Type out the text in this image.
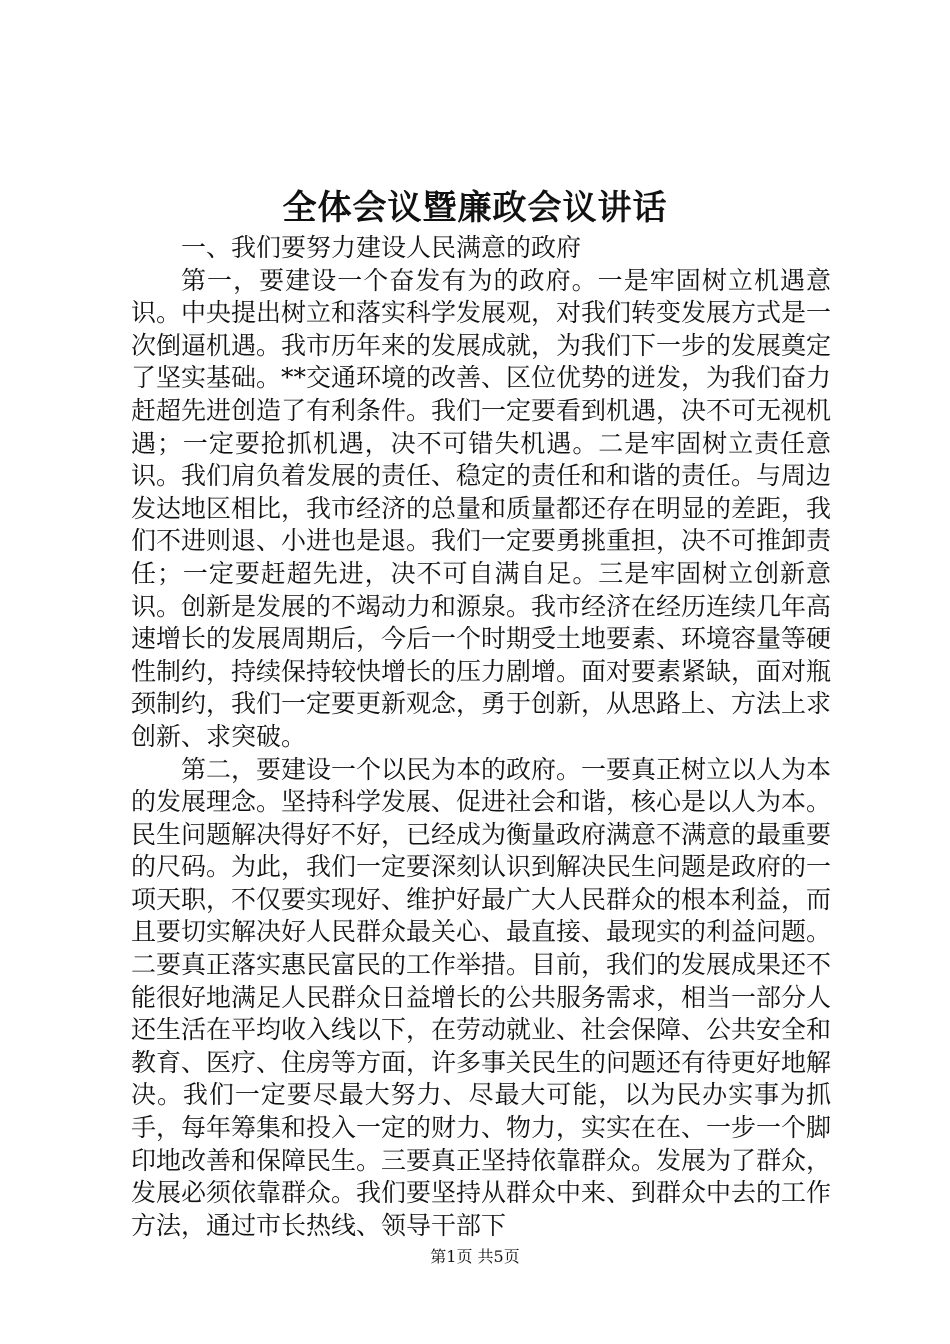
全体会议暨廉政会议讲话

一、我们要努力建设人民满意的政府

第一，要建设一个奋发有为的政府。一是牢固树立机遇意识。中央提出树立和落实科学发展观，对我们转变发展方式是一次倒逼机遇。我市历年来的发展成就，为我们下一步的发展奠定了坚实基础。**交通环境的改善、区位优势的迸发，为我们奋力赶超先进创造了有利条件。我们一定要看到机遇，决不可无视机遇；一定要抢抓机遇，决不可错失机遇。二是牢固树立责任意识。我们肩负着发展的责任、稳定的责任和和谐的责任。与周边发达地区相比，我市经济的总量和质量都还存在明显的差距，我们不进则退、小进也是退。我们一定要勇挑重担，决不可推卸责任；一定要赶超先进，决不可自满自足。三是牢固树立创新意识。创新是发展的不竭动力和源泉。我市经济在经历连续几年高速增长的发展周期后，今后一个时期受土地要素、环境容量等硬性制约，持续保持较快增长的压力剧增。面对要素紧缺，面对瓶颈制约，我们一定要更新观念，勇于创新，从思路上、方法上求创新、求突破。

第二，要建设一个以民为本的政府。一要真正树立以人为本的发展理念。坚持科学发展、促进社会和谐，核心是以人为本。民生问题解决得好不好，已经成为衡量政府满意不满意的最重要的尺码。为此，我们一定要深刻认识到解决民生问题是政府的一项天职，不仅要实现好、维护好最广大人民群众的根本利益，而且要切实解决好人民群众最关心、最直接、最现实的利益问题。二要真正落实惠民富民的工作举措。目前，我们的发展成果还不能很好地满足人民群众日益增长的公共服务需求，相当一部分人还生活在平均收入线以下，在劳动就业、社会保障、公共安全和教育、医疗、住房等方面，许多事关民生的问题还有待更好地解决。我们一定要尽最大努力、尽最大可能，以为民办实事为抓手，每年筹集和投入一定的财力、物力，实实在在、一步一个脚印地改善和保障民生。三要真正坚持依靠群众。发展为了群众，发展必须依靠群众。我们要坚持从群众中来、到群众中去的工作方法，通过市长热线、领导干部下

第1页 共5页
